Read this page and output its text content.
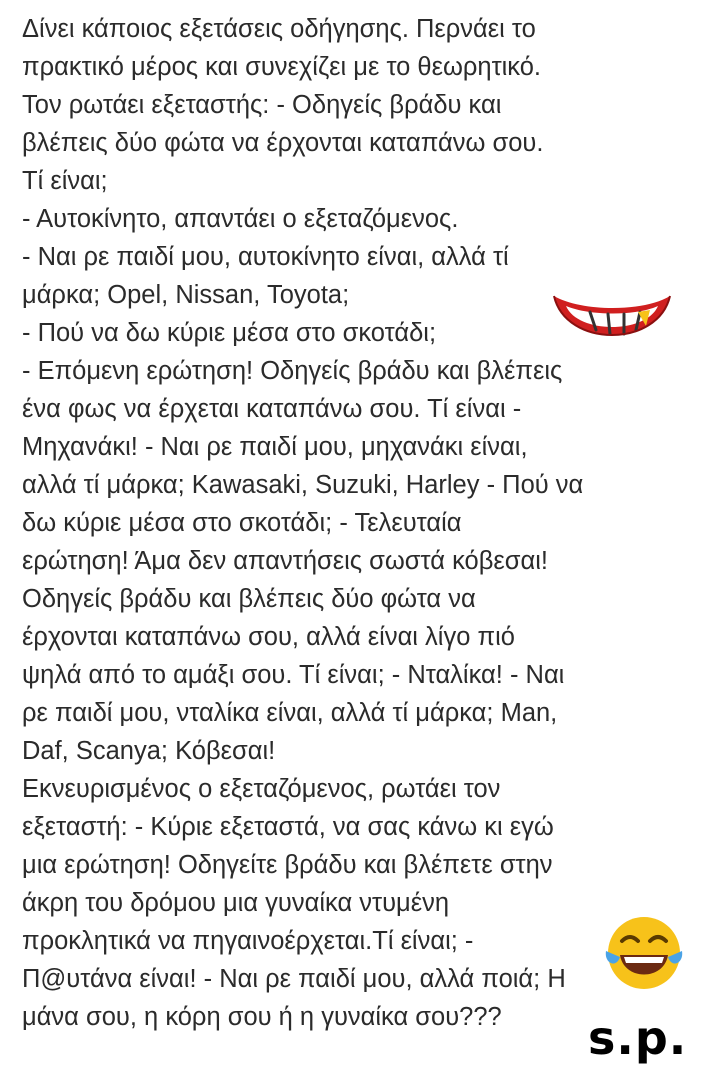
Δίνει κάποιος εξετάσεις οδήγησης. Περνάει το

πρακτικό μέρος και συνεχίζει με το θεωρητικό.

Τον ρωτάει εξεταστής: - Οδηγείς βράδυ και

βλέπεις δύο φώτα να έρχονται καταπάνω σου.

Τί είναι;

- Αυτοκίνητο, απαντάει ο εξεταζόμενος.

- Ναι ρε παιδί μου, αυτοκίνητο είναι, αλλά τί

μάρκα; Opel, Nissan, Toyota;

- Πού να δω κύριε μέσα στο σκοτάδι;

- Επόμενη ερώτηση! Οδηγείς βράδυ και βλέπεις

ένα φως να έρχεται καταπάνω σου. Τί είναι -

Μηχανάκι! - Ναι ρε παιδί μου, μηχανάκι είναι,

αλλά τί μάρκα; Kawasaki, Suzuki, Harley - Πού να

δω κύριε μέσα στο σκοτάδι; - Τελευταία

ερώτηση! Άμα δεν απαντήσεις σωστά κόβεσαι!

Οδηγείς βράδυ και βλέπεις δύο φώτα να

έρχονται καταπάνω σου, αλλά είναι λίγο πιό

ψηλά από το αμάξι σου. Τί είναι; - Νταλίκα! - Ναι

ρε παιδί μου, νταλίκα είναι, αλλά τί μάρκα; Man,

Daf, Scanya; Κόβεσαι!

Εκνευρισμένος ο εξεταζόμενος, ρωτάει τον

εξεταστή: - Κύριε εξεταστά, να σας κάνω κι εγώ

μια ερώτηση! Οδηγείτε βράδυ και βλέπετε στην

άκρη του δρόμου μια γυναίκα ντυμένη

προκλητικά να πηγαινοέρχεται.Τί είναι; -

Π@υτάνα είναι! - Ναι ρε παιδί μου, αλλά ποιά; Η

μάνα σου, η κόρη σου ή η γυναίκα σου??? s.p.
